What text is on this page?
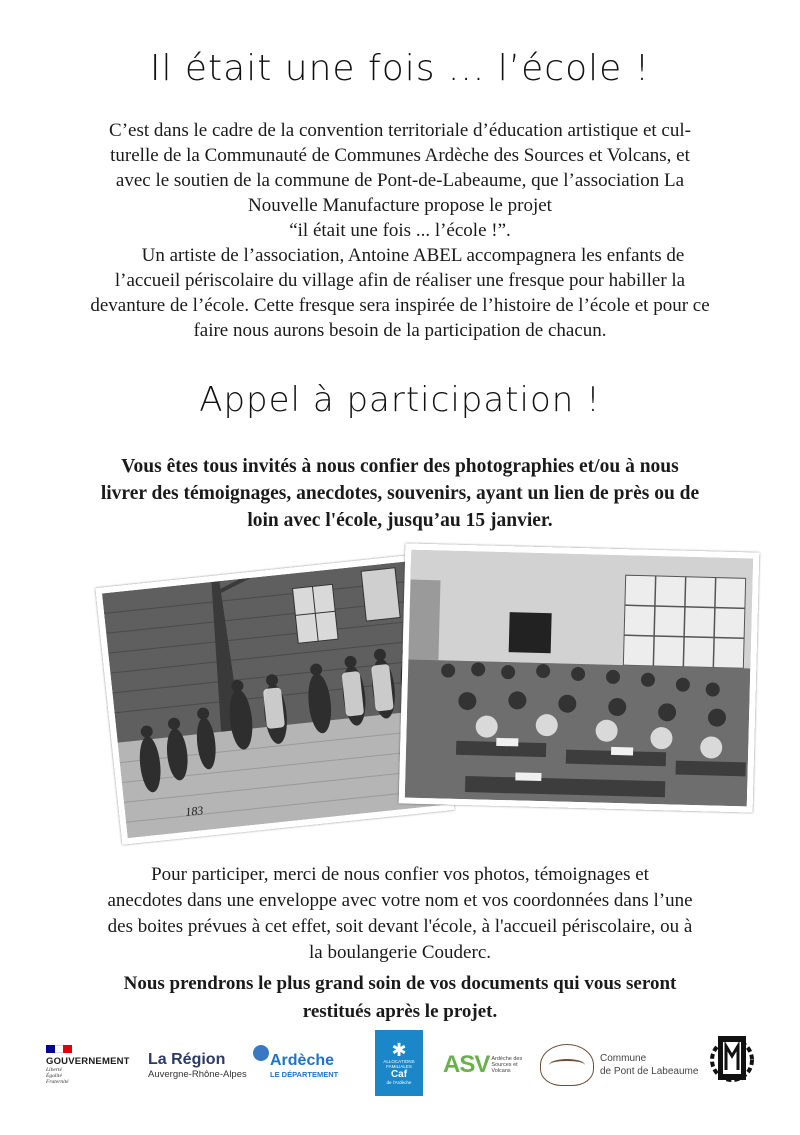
Il était une fois ... l’école !
C’est dans le cadre de la convention territoriale d’éducation artistique et cul-
turelle de la Communauté de Communes Ardèche des Sources et Volcans, et
avec le soutien de la commune de Pont-de-Labeaume, que l’association La
Nouvelle Manufacture propose le projet
“il était une fois ... l’école !”.
Un artiste de l’association, Antoine ABEL accompagnera les enfants de
l’accueil périscolaire du village afin de réaliser une fresque pour habiller la
devanture de l’école. Cette fresque sera inspirée de l’histoire de l’école et pour ce
faire nous aurons besoin de la participation de chacun.
Appel à participation !
Vous êtes tous invités à nous confier des photographies et/ou à nous
livrer des témoignages, anecdotes, souvenirs, ayant un lien de près ou de
loin avec l'école, jusqu’au 15 janvier.
183
Pour participer, merci de nous confier vos photos, témoignages et
anecdotes dans une enveloppe avec votre nom et vos coordonnées dans l’une
des boites prévues à cet effet, soit devant l'école, à l'accueil périscolaire, ou à
la boulangerie Couderc.
Nous prendrons le plus grand soin de vos documents qui vous seront
restitués après le projet.
GOUVERNEMENT
Liberté
Égalité
Fraternité
La Région
Auvergne-Rhône-Alpes
Ardèche
LE DÉPARTEMENT
✱
ALLOCATIONS FAMILIALES
Caf
de l'Ardèche
ASV Ardèche des
Sources et
Volcans
Commune
de Pont de Labeaume
